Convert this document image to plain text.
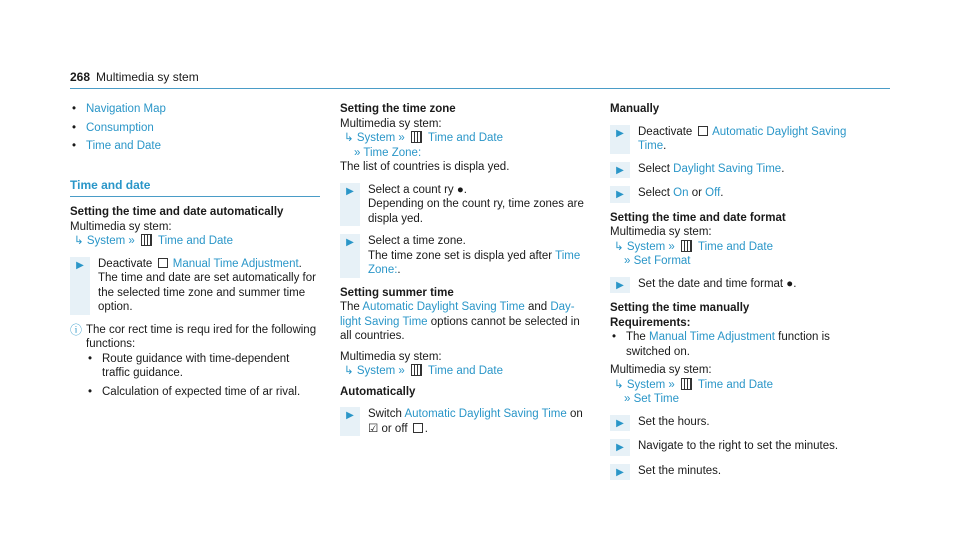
268 Multimedia sy stem
• Navigation Map
• Consumption
• Time and Date
Time and date
Setting the time and date automatically
Multimedia sy stem:
↳ System » Time and Date
▶	Deactivate Manual Time Adjustment.
The time and date are set automatically for the selected time zone and summer time option.
ⓘ The cor rect time is requ ired for the following functions:
• Route guidance with time-dependent traffic guidance.
• Calculation of expected time of ar rival.
Setting the time zone
Multimedia sy stem:
↳ System » Time and Date
» Time Zone:
The list of countries is displa yed.
▶	Select a count ry ●.
Depending on the count ry, time zones are displa yed.
▶	Select a time zone.
The time zone set is displa yed after Time Zone:.
Setting summer time
The Automatic Daylight Saving Time and Day- light Saving Time options cannot be selected in all countries.
Multimedia sy stem:
↳ System » Time and Date
Automatically
▶	Switch Automatic Daylight Saving Time on
☑ or off .
Manually
▶	Deactivate Automatic Daylight Saving Time.
▶	Select Daylight Saving Time.
▶	Select On or Off.
Setting the time and date format
Multimedia sy stem:
↳ System » Time and Date
» Set Format
▶	Set the date and time format ●.
Setting the time manually
Requirements:
• The Manual Time Adjustment function is switched on.
Multimedia sy stem:
↳ System » Time and Date
» Set Time
▶	Set the hours.
▶	Navigate to the right to set the minutes.
▶	Set the minutes.
